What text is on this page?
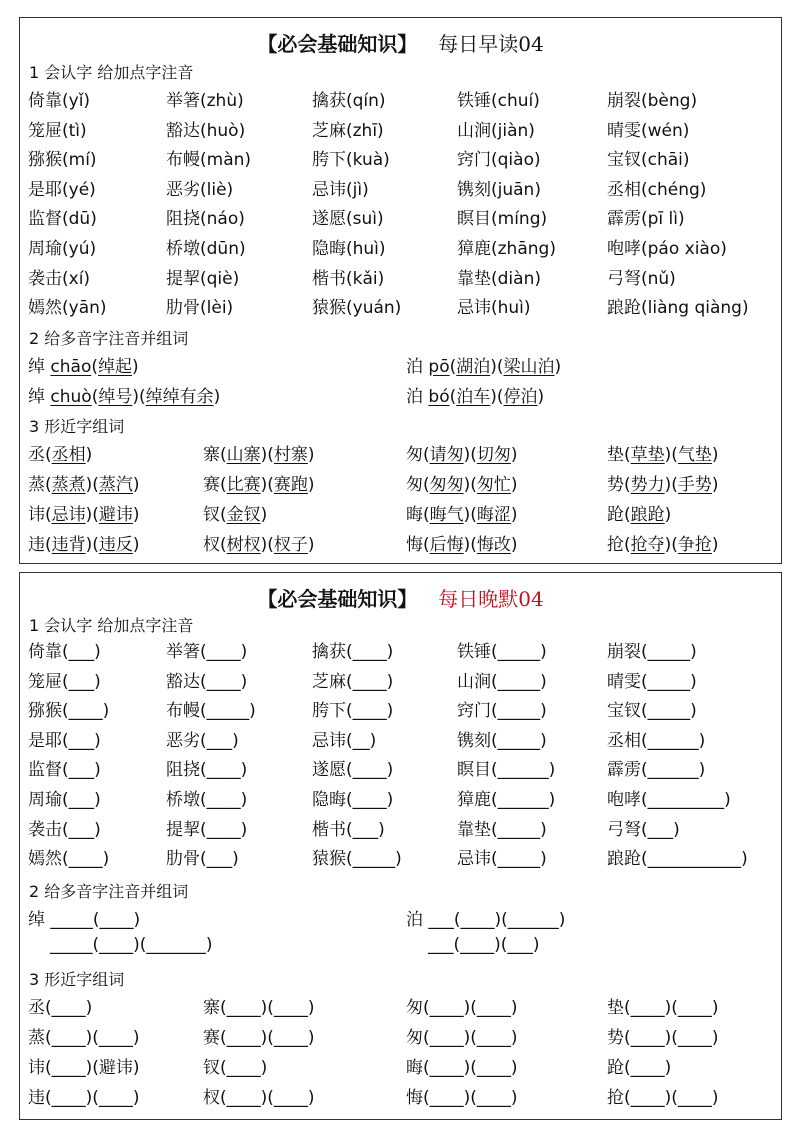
【必会基础知识】 每日早读04
1 会认字 给加点字注音
倚靠(yǐ)	举箸(zhù)	擒获(qín)	铁锤(chuí)	崩裂(bèng)
笼屉(tì)	豁达(huò)	芝麻(zhī)	山涧(jiàn)	晴雯(wén)
猕猴(mí)	布幔(màn)	胯下(kuà)	窍门(qiào)	宝钗(chāi)
是耶(yé)	恶劣(liè)	忌讳(jì)	镌刻(juān)	丞相(chéng)
监督(dū)	阻挠(náo)	遂愿(suì)	瞑目(míng)	霹雳(pī lì)
周瑜(yú)	桥墩(dūn)	隐晦(huì)	獐鹿(zhāng)	咆哮(páo xiào)
袭击(xí)	提挈(qiè)	楷书(kǎi)	靠垫(diàn)	弓弩(nǔ)
嫣然(yān)	肋骨(lèi)	猿猴(yuán)	忌讳(huì)	踉跄(liàng qiàng)
2 给多音字注音并组词
绰 chāo(绰起)	泊 pō(湖泊)(梁山泊)
绰 chuò(绰号)(绰绰有余)	泊 bó(泊车)(停泊)
3 形近字组词
丞(丞相)	寨(山寨)(村寨)	匆(请匆)(切匆)	垫(草垫)(气垫)
蒸(蒸煮)(蒸汽)	赛(比赛)(赛跑)	匆(匆匆)(匆忙)	势(势力)(手势)
讳(忌讳)(避讳)	钗(金钗)	晦(晦气)(晦涩)	跄(踉跄)
违(违背)(违反)	杈(树杈)(杈子)	悔(后悔)(悔改)	抢(抢夺)(争抢)
【必会基础知识】 每日晚默04
1 会认字 给加点字注音
倚靠(___)	举箸(____)	擒获(____)	铁锤(_____)	崩裂(_____)
笼屉(___)	豁达(____)	芝麻(____)	山涧(_____)	晴雯(_____)
猕猴(____)	布幔(_____)	胯下(____)	窍门(_____)	宝钗(_____)
是耶(___)	恶劣(___)	忌讳(__)	镌刻(_____)	丞相(______)
监督(___)	阻挠(____)	遂愿(____)	瞑目(______)	霹雳(______)
周瑜(___)	桥墩(____)	隐晦(____)	獐鹿(______)	咆哮(_________)
袭击(___)	提挈(____)	楷书(___)	靠垫(_____)	弓弩(___)
嫣然(____)	肋骨(___)	猿猴(_____)	忌讳(_____)	踉跄(___________)
2 给多音字注音并组词
绰 _____(____)	泊 ___(____)(______)
_____(____)(_______)	___(____)(___)
3 形近字组词
丞(____)	寨(____)(____)	匆(____)(____)	垫(____)(____)
蒸(____)(____)	赛(____)(____)	匆(____)(____)	势(____)(____)
讳(____)(避讳)	钗(____)	晦(____)(____)	跄(____)
违(____)(____)	杈(____)(____)	悔(____)(____)	抢(____)(____)
